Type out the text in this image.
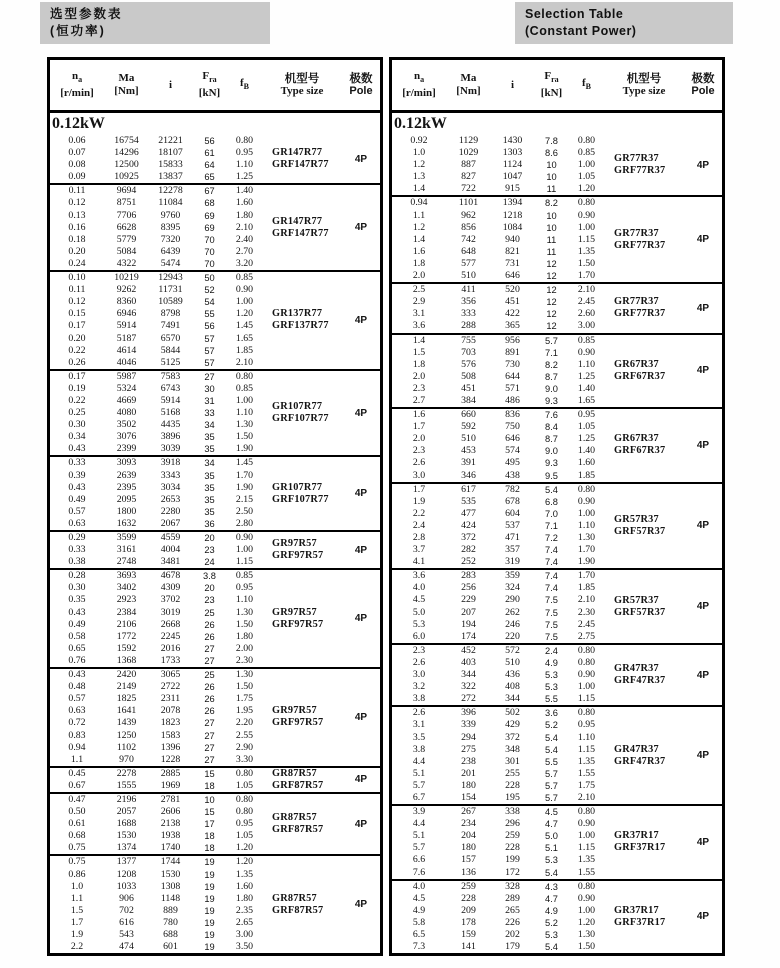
选型参数表
(恒功率)
Selection Table
(Constant Power)
$n_a$
[r/min]
Ma
[Nm]
i
$F_{ra}$
[kN]
$f_B$
机型号
Type size
极数
Pole
0.12kW
0.06	16754	21221	56	0.80
0.07	14296	18107	61	0.95
0.08	12500	15833	64	1.10
0.09	10925	13837	65	1.25
GR147R77
GRF147R77	4P
0.11	9694	12278	67	1.40
0.12	8751	11084	68	1.60
0.13	7706	9760	69	1.80
0.16	6628	8395	69	2.10
0.18	5779	7320	70	2.40
0.20	5084	6439	70	2.70
0.24	4322	5474	70	3.20
GR147R77
GRF147R77	4P
0.10	10219	12943	50	0.85
0.11	9262	11731	52	0.90
0.12	8360	10589	54	1.00
0.15	6946	8798	55	1.20
0.17	5914	7491	56	1.45
0.20	5187	6570	57	1.65
0.22	4614	5844	57	1.85
0.26	4046	5125	57	2.10
GR137R77
GRF137R77	4P
0.17	5987	7583	27	0.80
0.19	5324	6743	30	0.85
0.22	4669	5914	31	1.00
0.25	4080	5168	33	1.10
0.30	3502	4435	34	1.30
0.34	3076	3896	35	1.50
0.43	2399	3039	35	1.90
GR107R77
GRF107R77	4P
0.33	3093	3918	34	1.45
0.39	2639	3343	35	1.70
0.43	2395	3034	35	1.90
0.49	2095	2653	35	2.15
0.57	1800	2280	35	2.50
0.63	1632	2067	36	2.80
GR107R77
GRF107R77	4P
0.29	3599	4559	20	0.90
0.33	3161	4004	23	1.00
0.38	2748	3481	24	1.15
GR97R57
GRF97R57	4P
0.28	3693	4678	3.8	0.85
0.30	3402	4309	20	0.95
0.35	2923	3702	23	1.10
0.43	2384	3019	25	1.30
0.49	2106	2668	26	1.50
0.58	1772	2245	26	1.80
0.65	1592	2016	27	2.00
0.76	1368	1733	27	2.30
GR97R57
GRF97R57	4P
0.43	2420	3065	25	1.30
0.48	2149	2722	26	1.50
0.57	1825	2311	26	1.75
0.63	1641	2078	26	1.95
0.72	1439	1823	27	2.20
0.83	1250	1583	27	2.55
0.94	1102	1396	27	2.90
1.1	970	1228	27	3.30
GR97R57
GRF97R57	4P
0.45	2278	2885	15	0.80
0.67	1555	1969	18	1.05
GR87R57
GRF87R57	4P
0.47	2196	2781	10	0.80
0.50	2057	2606	15	0.80
0.61	1688	2138	17	0.95
0.68	1530	1938	18	1.05
0.75	1374	1740	18	1.20
GR87R57
GRF87R57	4P
0.75	1377	1744	19	1.20
0.86	1208	1530	19	1.35
1.0	1033	1308	19	1.60
1.1	906	1148	19	1.80
1.5	702	889	19	2.35
1.7	616	780	19	2.65
1.9	543	688	19	3.00
2.2	474	601	19	3.50
GR87R57
GRF87R57	4P
$n_a$
[r/min]
Ma
[Nm]
i
$F_{ra}$
[kN]
$f_B$
机型号
Type size
极数
Pole
0.12kW
0.92	1129	1430	7.8	0.80
1.0	1029	1303	8.6	0.85
1.2	887	1124	10	1.00
1.3	827	1047	10	1.05
1.4	722	915	11	1.20
GR77R37
GRF77R37	4P
0.94	1101	1394	8.2	0.80
1.1	962	1218	10	0.90
1.2	856	1084	10	1.00
1.4	742	940	11	1.15
1.6	648	821	11	1.35
1.8	577	731	12	1.50
2.0	510	646	12	1.70
GR77R37
GRF77R37	4P
2.5	411	520	12	2.10
2.9	356	451	12	2.45
3.1	333	422	12	2.60
3.6	288	365	12	3.00
GR77R37
GRF77R37	4P
1.4	755	956	5.7	0.85
1.5	703	891	7.1	0.90
1.8	576	730	8.2	1.10
2.0	508	644	8.7	1.25
2.3	451	571	9.0	1.40
2.7	384	486	9.3	1.65
GR67R37
GRF67R37	4P
1.6	660	836	7.6	0.95
1.7	592	750	8.4	1.05
2.0	510	646	8.7	1.25
2.3	453	574	9.0	1.40
2.6	391	495	9.3	1.60
3.0	346	438	9.5	1.85
GR67R37
GRF67R37	4P
1.7	617	782	5.4	0.80
1.9	535	678	6.8	0.90
2.2	477	604	7.0	1.00
2.4	424	537	7.1	1.10
2.8	372	471	7.2	1.30
3.7	282	357	7.4	1.70
4.1	252	319	7.4	1.90
GR57R37
GRF57R37	4P
3.6	283	359	7.4	1.70
4.0	256	324	7.4	1.85
4.5	229	290	7.5	2.10
5.0	207	262	7.5	2.30
5.3	194	246	7.5	2.45
6.0	174	220	7.5	2.75
GR57R37
GRF57R37	4P
2.3	452	572	2.4	0.80
2.6	403	510	4.9	0.80
3.0	344	436	5.3	0.90
3.2	322	408	5.3	1.00
3.8	272	344	5.5	1.15
GR47R37
GRF47R37	4P
2.6	396	502	3.6	0.80
3.1	339	429	5.2	0.95
3.5	294	372	5.4	1.10
3.8	275	348	5.4	1.15
4.4	238	301	5.5	1.35
5.1	201	255	5.7	1.55
5.7	180	228	5.7	1.75
6.7	154	195	5.7	2.10
GR47R37
GRF47R37	4P
3.9	267	338	4.5	0.80
4.4	234	296	4.7	0.90
5.1	204	259	5.0	1.00
5.7	180	228	5.1	1.15
6.6	157	199	5.3	1.35
7.6	136	172	5.4	1.55
GR37R17
GRF37R17	4P
4.0	259	328	4.3	0.80
4.5	228	289	4.7	0.90
4.9	209	265	4.9	1.00
5.8	178	226	5.2	1.20
6.5	159	202	5.3	1.30
7.3	141	179	5.4	1.50
GR37R17
GRF37R17	4P
